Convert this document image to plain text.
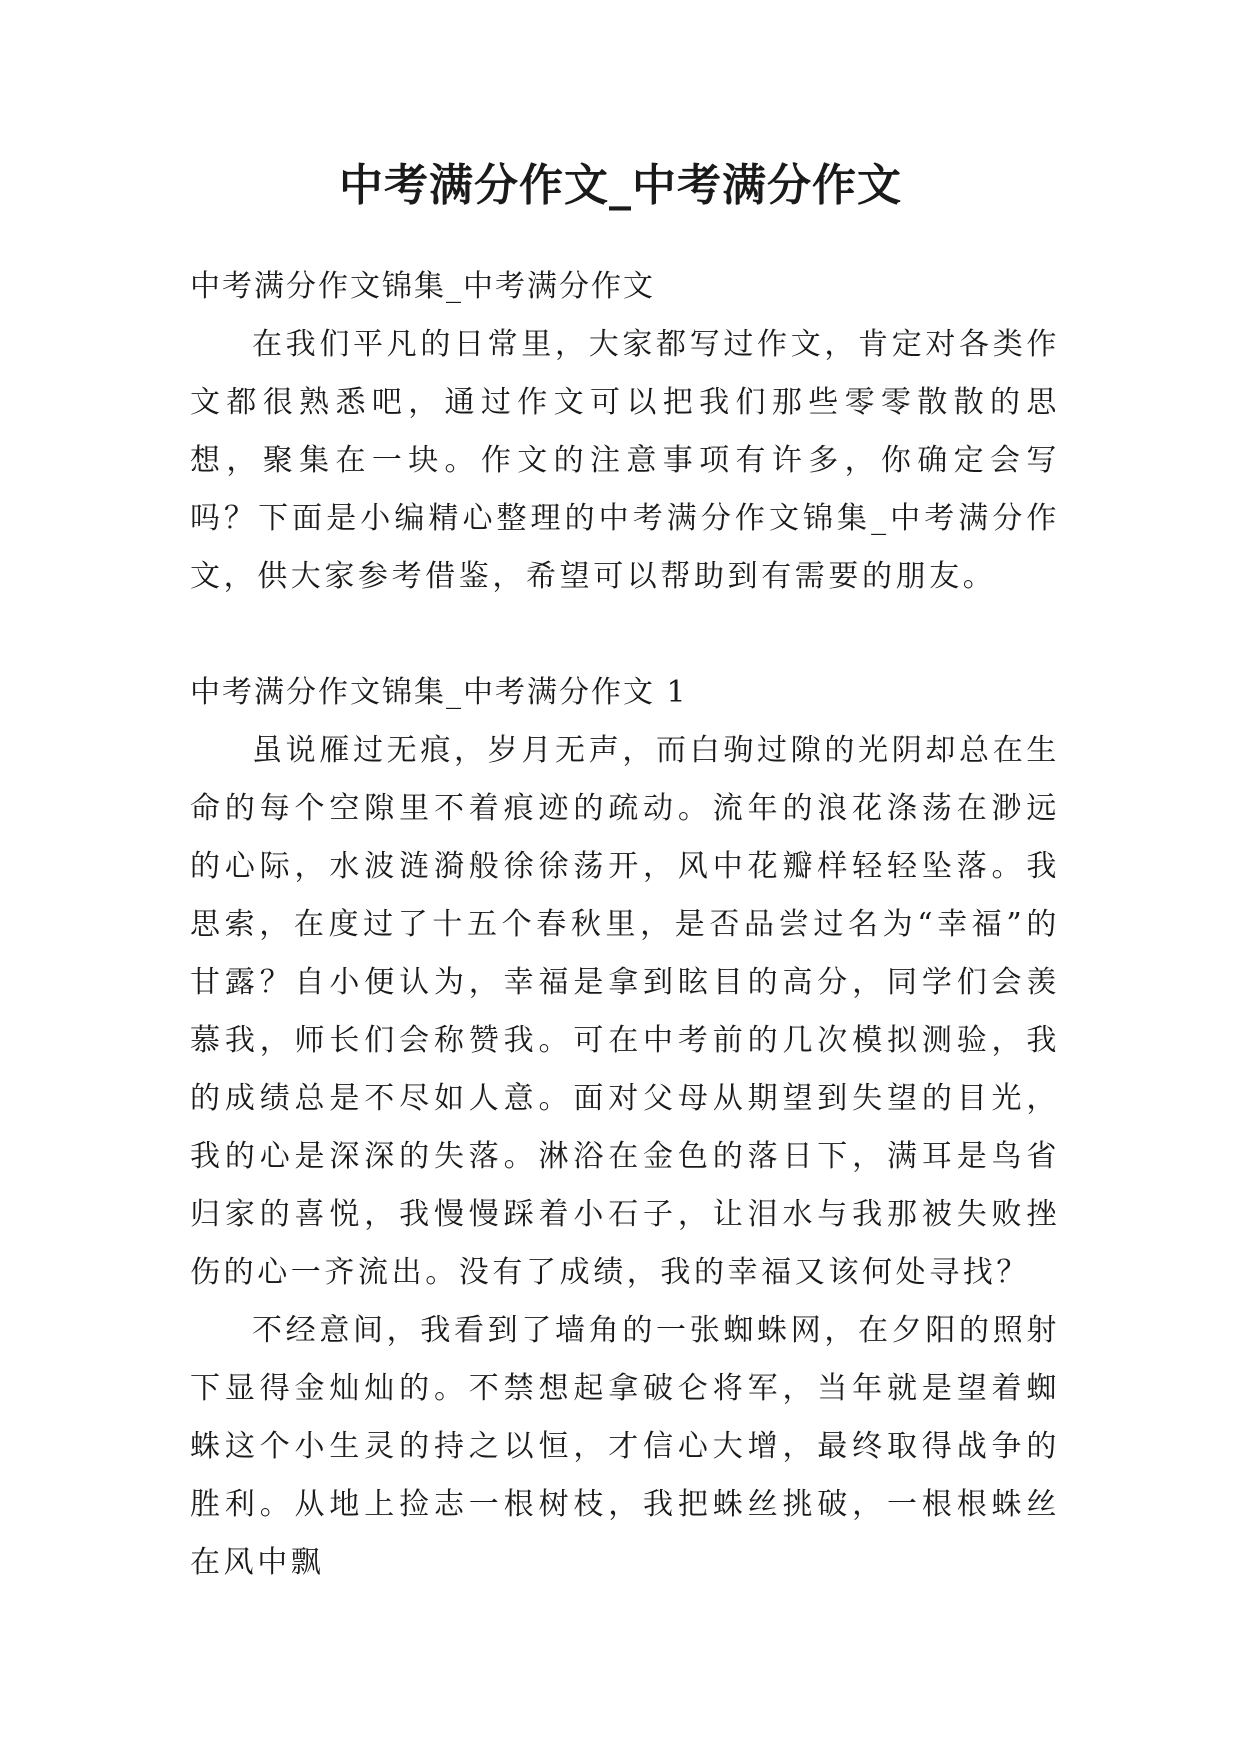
中考满分作文_中考满分作文

中考满分作文锦集_中考满分作文

在我们平凡的日常里，大家都写过作文，肯定对各类作文都很熟悉吧，通过作文可以把我们那些零零散散的思想，聚集在一块。作文的注意事项有许多，你确定会写吗？下面是小编精心整理的中考满分作文锦集_中考满分作文，供大家参考借鉴，希望可以帮助到有需要的朋友。

中考满分作文锦集_中考满分作文 1

虽说雁过无痕，岁月无声，而白驹过隙的光阴却总在生命的每个空隙里不着痕迹的疏动。流年的浪花涤荡在渺远的心际，水波涟漪般徐徐荡开，风中花瓣样轻轻坠落。我思索，在度过了十五个春秋里，是否品尝过名为“幸福”的甘露？自小便认为，幸福是拿到眩目的高分，同学们会羡慕我，师长们会称赞我。可在中考前的几次模拟测验，我的成绩总是不尽如人意。面对父母从期望到失望的目光，我的心是深深的失落。淋浴在金色的落日下，满耳是鸟省归家的喜悦，我慢慢踩着小石子，让泪水与我那被失败挫伤的心一齐流出。没有了成绩，我的幸福又该何处寻找？

不经意间，我看到了墙角的一张蜘蛛网，在夕阳的照射下显得金灿灿的。不禁想起拿破仑将军，当年就是望着蜘蛛这个小生灵的持之以恒，才信心大增，最终取得战争的胜利。从地上捡志一根树枝，我把蛛丝挑破，一根根蛛丝在风中飘
